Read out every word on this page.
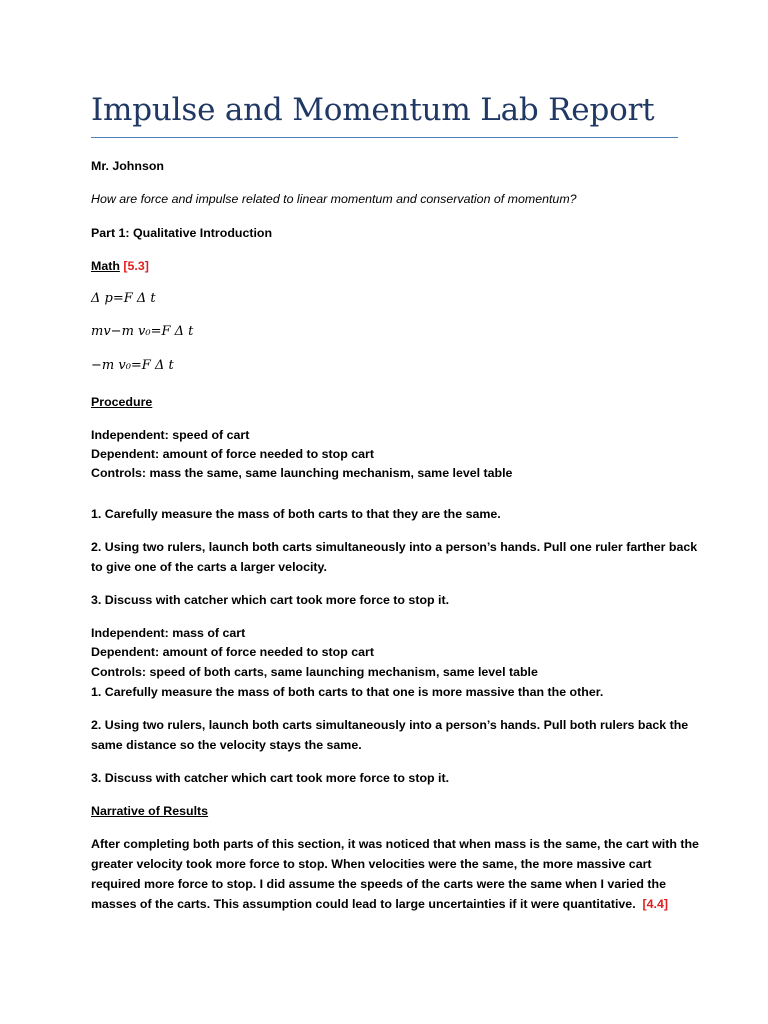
Impulse and Momentum Lab Report
Mr. Johnson
How are force and impulse related to linear momentum and conservation of momentum?
Part 1: Qualitative Introduction
Math [5.3]
Δ p=F Δ t
mv−m v₀=F Δ t
−m v₀=F Δ t
Procedure
Independent: speed of cart
Dependent: amount of force needed to stop cart
Controls: mass the same, same launching mechanism, same level table
1. Carefully measure the mass of both carts to that they are the same.
2. Using two rulers, launch both carts simultaneously into a person’s hands. Pull one ruler farther back
to give one of the carts a larger velocity.
3. Discuss with catcher which cart took more force to stop it.
Independent: mass of cart
Dependent: amount of force needed to stop cart
Controls: speed of both carts, same launching mechanism, same level table
1. Carefully measure the mass of both carts to that one is more massive than the other.
2. Using two rulers, launch both carts simultaneously into a person’s hands. Pull both rulers back the
same distance so the velocity stays the same.
3. Discuss with catcher which cart took more force to stop it.
Narrative of Results
After completing both parts of this section, it was noticed that when mass is the same, the cart with the
greater velocity took more force to stop. When velocities were the same, the more massive cart
required more force to stop. I did assume the speeds of the carts were the same when I varied the
masses of the carts. This assumption could lead to large uncertainties if it were quantitative. [4.4]
